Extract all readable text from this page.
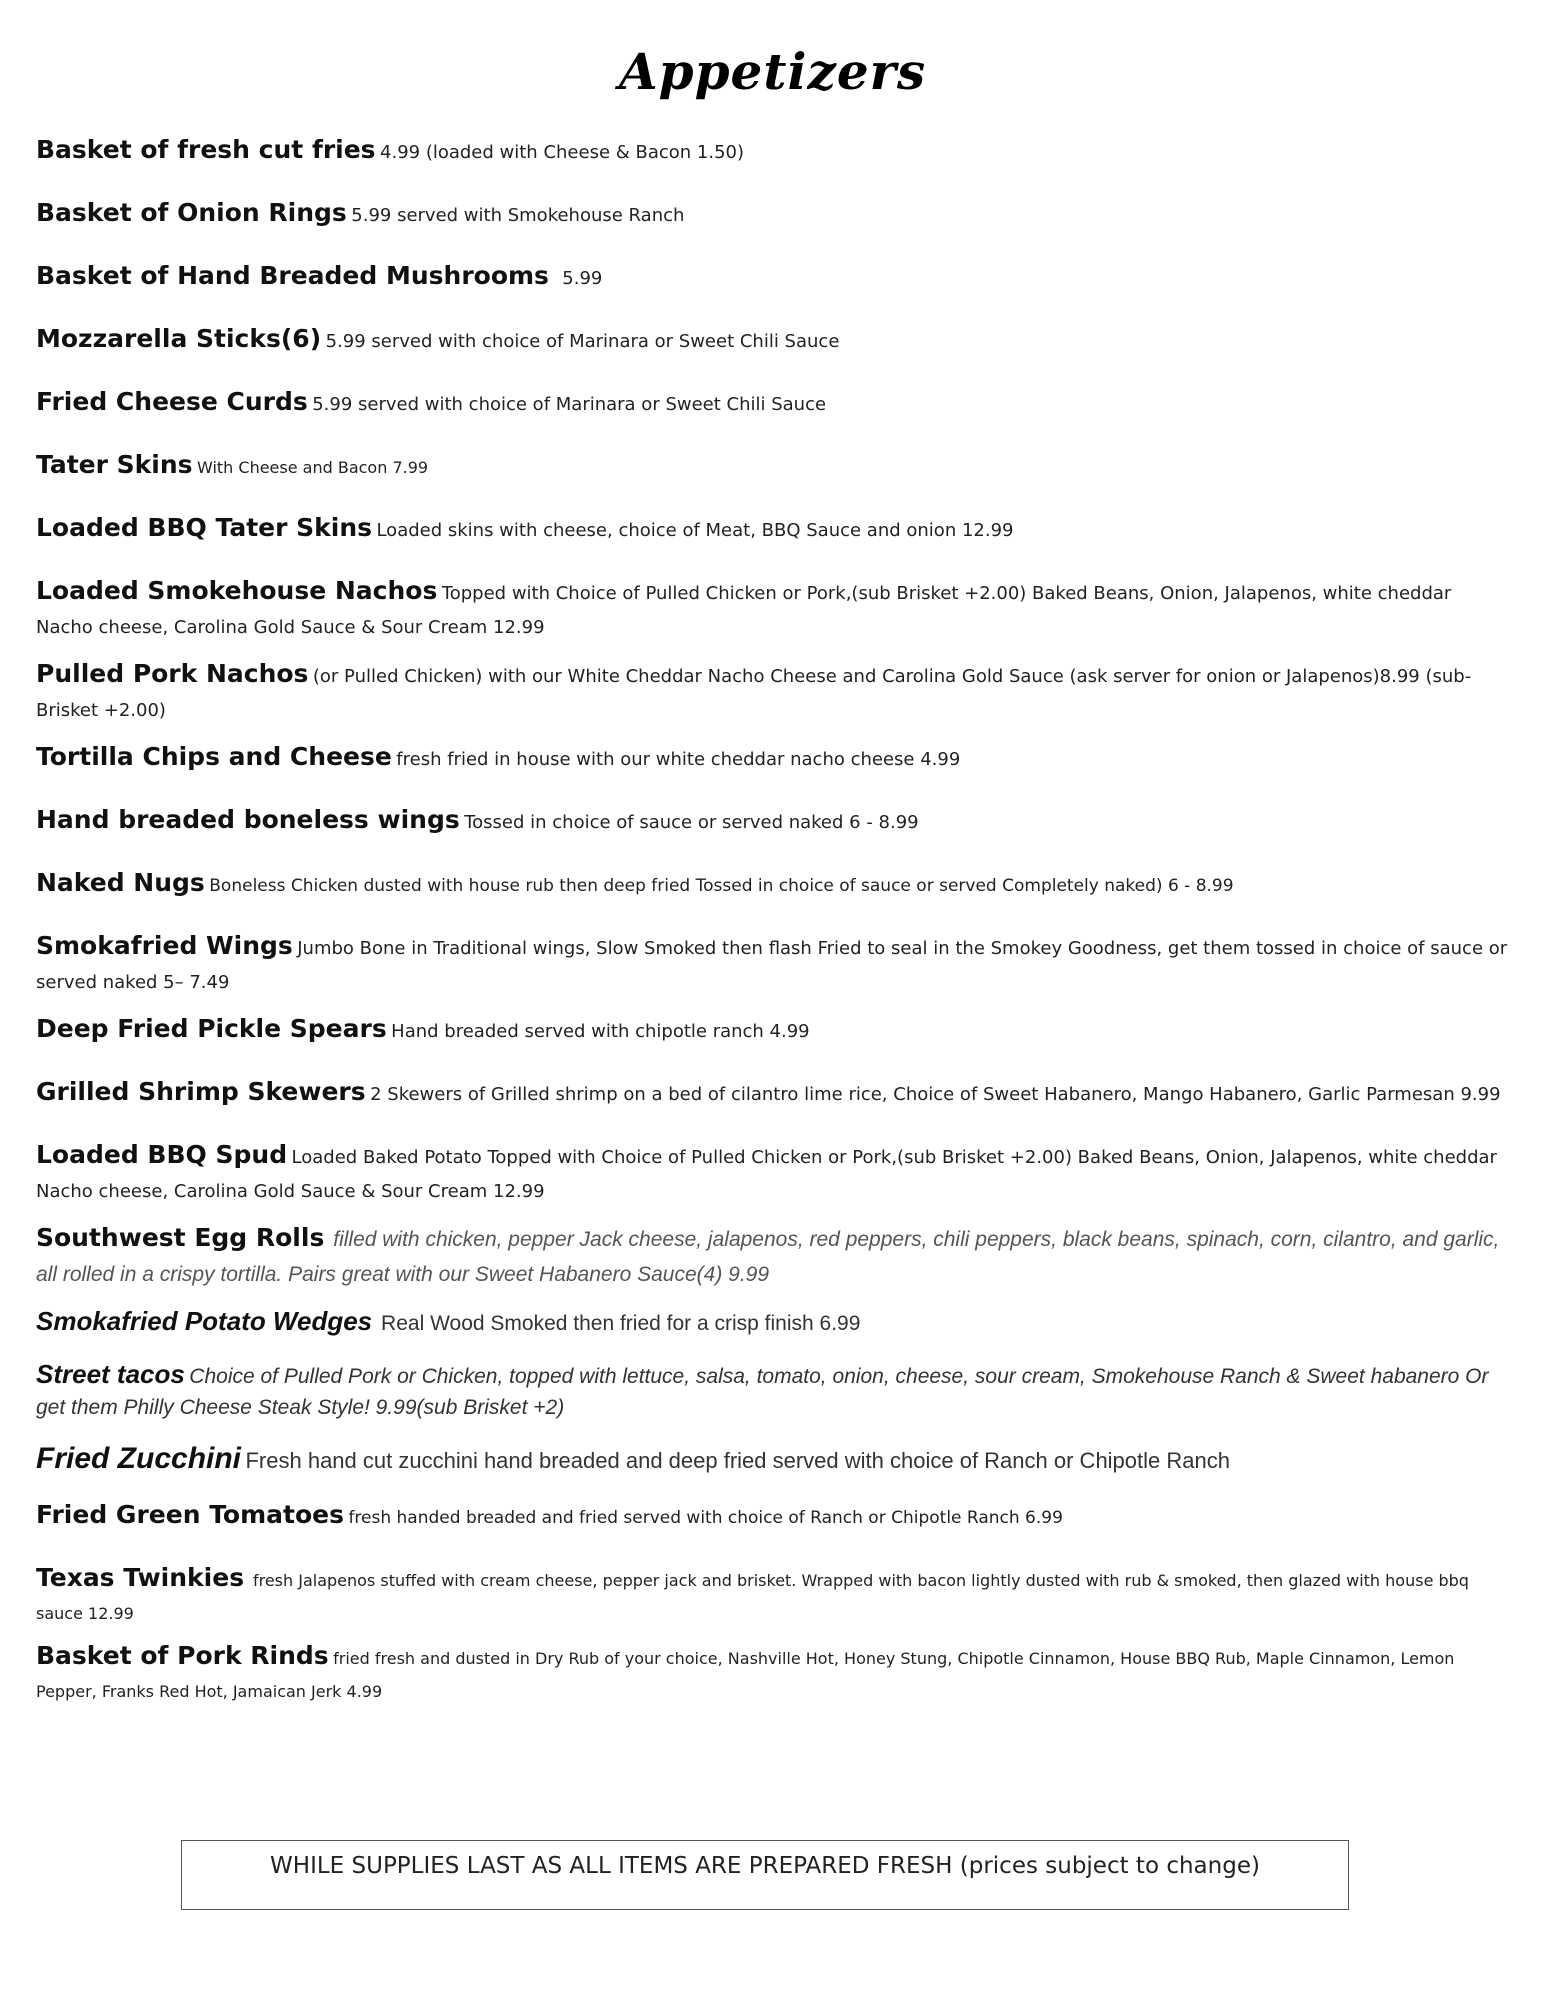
Appetizers
Basket of fresh cut fries 4.99 (loaded with Cheese & Bacon 1.50)
Basket of Onion Rings 5.99 served with Smokehouse Ranch
Basket of Hand Breaded Mushrooms 5.99
Mozzarella Sticks(6) 5.99 served with choice of Marinara or Sweet Chili Sauce
Fried Cheese Curds 5.99 served with choice of Marinara or Sweet Chili Sauce
Tater Skins With Cheese and Bacon 7.99
Loaded BBQ Tater Skins Loaded skins with cheese, choice of Meat, BBQ Sauce and onion 12.99
Loaded Smokehouse Nachos Topped with Choice of Pulled Chicken or Pork,(sub Brisket +2.00) Baked Beans, Onion, Jalapenos, white cheddar Nacho cheese, Carolina Gold Sauce & Sour Cream 12.99
Pulled Pork Nachos (or Pulled Chicken) with our White Cheddar Nacho Cheese and Carolina Gold Sauce (ask server for onion or Jalapenos)8.99 (sub-Brisket +2.00)
Tortilla Chips and Cheese fresh fried in house with our white cheddar nacho cheese 4.99
Hand breaded boneless wings Tossed in choice of sauce or served naked 6 - 8.99
Naked Nugs Boneless Chicken dusted with house rub then deep fried Tossed in choice of sauce or served Completely naked) 6 - 8.99
Smokafried Wings Jumbo Bone in Traditional wings, Slow Smoked then flash Fried to seal in the Smokey Goodness, get them tossed in choice of sauce or served naked 5– 7.49
Deep Fried Pickle Spears Hand breaded served with chipotle ranch 4.99
Grilled Shrimp Skewers 2 Skewers of Grilled shrimp on a bed of cilantro lime rice, Choice of Sweet Habanero, Mango Habanero, Garlic Parmesan 9.99
Loaded BBQ Spud Loaded Baked Potato Topped with Choice of Pulled Chicken or Pork,(sub Brisket +2.00) Baked Beans, Onion, Jalapenos, white cheddar Nacho cheese, Carolina Gold Sauce & Sour Cream 12.99
Southwest Egg Rolls filled with chicken, pepper Jack cheese, jalapenos, red peppers, chili peppers, black beans, spinach, corn, cilantro, and garlic, all rolled in a crispy tortilla. Pairs great with our Sweet Habanero Sauce(4) 9.99
Smokafried Potato Wedges Real Wood Smoked then fried for a crisp finish 6.99
Street tacos Choice of Pulled Pork or Chicken, topped with lettuce, salsa, tomato, onion, cheese, sour cream, Smokehouse Ranch & Sweet habanero Or get them Philly Cheese Steak Style! 9.99(sub Brisket +2)
Fried Zucchini Fresh hand cut zucchini hand breaded and deep fried served with choice of Ranch or Chipotle Ranch
Fried Green Tomatoes fresh handed breaded and fried served with choice of Ranch or Chipotle Ranch 6.99
Texas Twinkies fresh Jalapenos stuffed with cream cheese, pepper jack and brisket. Wrapped with bacon lightly dusted with rub & smoked, then glazed with house bbq sauce 12.99
Basket of Pork Rinds fried fresh and dusted in Dry Rub of your choice, Nashville Hot, Honey Stung, Chipotle Cinnamon, House BBQ Rub, Maple Cinnamon, Lemon Pepper, Franks Red Hot, Jamaican Jerk 4.99
WHILE SUPPLIES LAST AS ALL ITEMS ARE PREPARED FRESH (prices subject to change)
